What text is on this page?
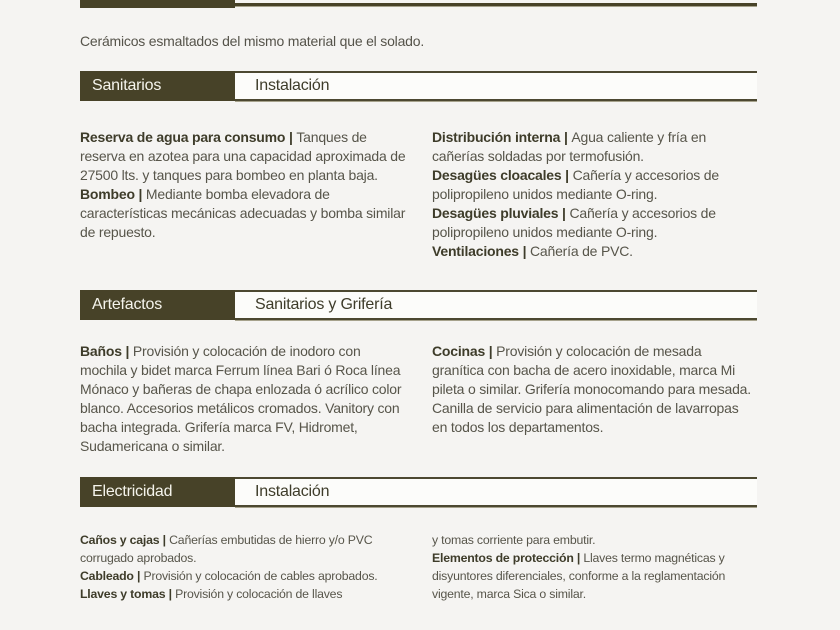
Cerámicos esmaltados del mismo material que el solado.

Sanitarios	Instalación

Reserva de agua para consumo | Tanques de reserva en azotea para una capacidad aproximada de 27500 lts. y tanques para bombeo en planta baja.

Bombeo | Mediante bomba elevadora de características mecánicas adecuadas y bomba similar de repuesto.

Distribución interna | Agua caliente y fría en cañerías soldadas por termofusión.

Desagües cloacales | Cañería y accesorios de polipropileno unidos mediante O-ring.

Desagües pluviales | Cañería y accesorios de polipropileno unidos mediante O-ring.

Ventilaciones | Cañería de PVC.

Artefactos	Sanitarios y Grifería

Baños | Provisión y colocación de inodoro con mochila y bidet marca Ferrum línea Bari ó Roca línea Mónaco y bañeras de chapa enlozada ó acrílico color blanco. Accesorios metálicos cromados. Vanitory con bacha integrada. Grifería marca FV, Hidromet, Sudamericana o similar.

Cocinas | Provisión y colocación de mesada granítica con bacha de acero inoxidable, marca Mi pileta o similar. Grifería monocomando para mesada. Canilla de servicio para alimentación de lavarropas en todos los departamentos.

Electricidad	Instalación

Caños y cajas | Cañerías embutidas de hierro y/o PVC corrugado aprobados.

Cableado | Provisión y colocación de cables aprobados.

Llaves y tomas | Provisión y colocación de llaves

y tomas corriente para embutir.

Elementos de protección | Llaves termo magnéticas y disyuntores diferenciales, conforme a la reglamentación vigente, marca Sica o similar.
